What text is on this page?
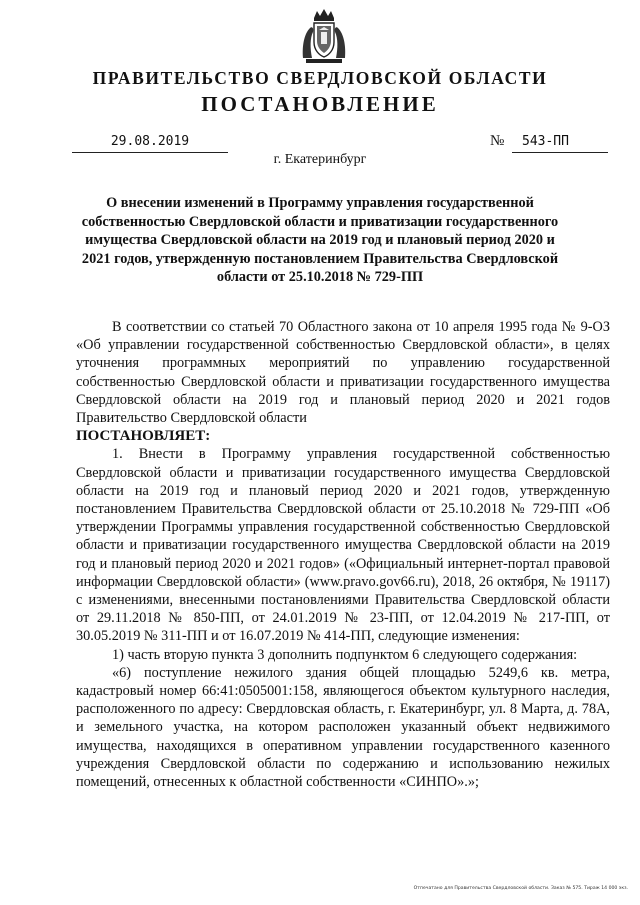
ПРАВИТЕЛЬСТВО СВЕРДЛОВСКОЙ ОБЛАСТИ
ПОСТАНОВЛЕНИЕ
29.08.2019	№	543-ПП
г. Екатеринбург
О внесении изменений в Программу управления государственной собственностью Свердловской области и приватизации государственного имущества Свердловской области на 2019 год и плановый период 2020 и 2021 годов, утвержденную постановлением Правительства Свердловской области от 25.10.2018 № 729-ПП

В соответствии со статьей 70 Областного закона от 10 апреля 1995 года № 9-ОЗ «Об управлении государственной собственностью Свердловской области», в целях уточнения программных мероприятий по управлению государственной собственностью Свердловской области и приватизации государственного имущества Свердловской области на 2019 год и плановый период 2020 и 2021 годов Правительство Свердловской области

ПОСТАНОВЛЯЕТ:

1. Внести в Программу управления государственной собственностью Свердловской области и приватизации государственного имущества Свердловской области на 2019 год и плановый период 2020 и 2021 годов, утвержденную постановлением Правительства Свердловской области от 25.10.2018 № 729-ПП «Об утверждении Программы управления государственной собственностью Свердловской области и приватизации государственного имущества Свердловской области на 2019 год и плановый период 2020 и 2021 годов» («Официальный интернет-портал правовой информации Свердловской области» (www.pravo.gov66.ru), 2018, 26 октября, № 19117) с изменениями, внесенными постановлениями Правительства Свердловской области от 29.11.2018 № 850-ПП, от 24.01.2019 № 23-ПП, от 12.04.2019 № 217-ПП, от 30.05.2019 № 311-ПП и от 16.07.2019 № 414-ПП, следующие изменения:

1) часть вторую пункта 3 дополнить подпунктом 6 следующего содержания:

«6) поступление нежилого здания общей площадью 5249,6 кв. метра, кадастровый номер 66:41:0505001:158, являющегося объектом культурного наследия, расположенного по адресу: Свердловская область, г. Екатеринбург, ул. 8 Марта, д. 78А, и земельного участка, на котором расположен указанный объект недвижимого имущества, находящихся в оперативном управлении государственного казенного учреждения Свердловской области по содержанию и использованию нежилых помещений, отнесенных к областной собственности «СИНПО».»;

Отпечатано для Правительства Свердловской области. Заказ № 575. Тираж 14 000 экз.
